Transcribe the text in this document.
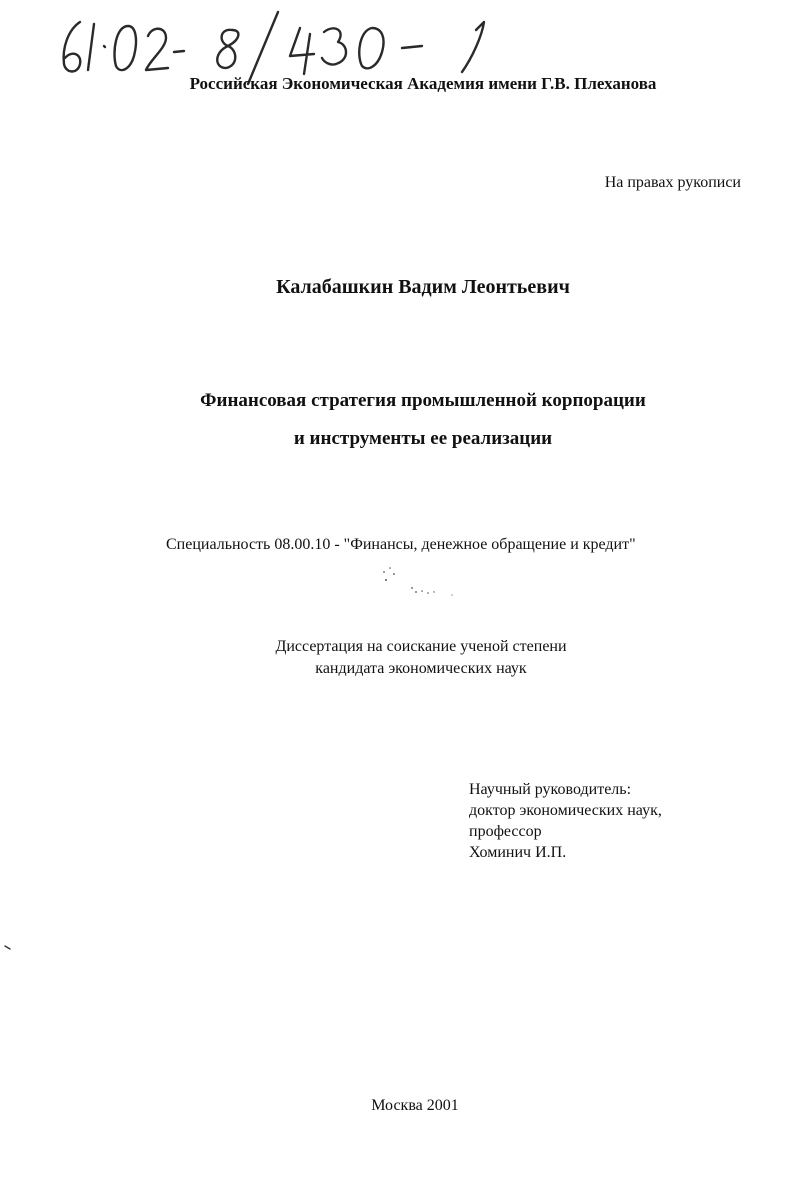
Российская Экономическая Академия имени Г.В. Плеханова
На правах рукописи
Калабашкин Вадим Леонтьевич
Финансовая стратегия промышленной корпорации
и инструменты ее реализации
Специальность 08.00.10 - "Финансы, денежное обращение и кредит"
Диссертация на соискание ученой степени
кандидата экономических наук
Научный руководитель:
доктор экономических наук,
профессор
Хоминич И.П.
Москва 2001
